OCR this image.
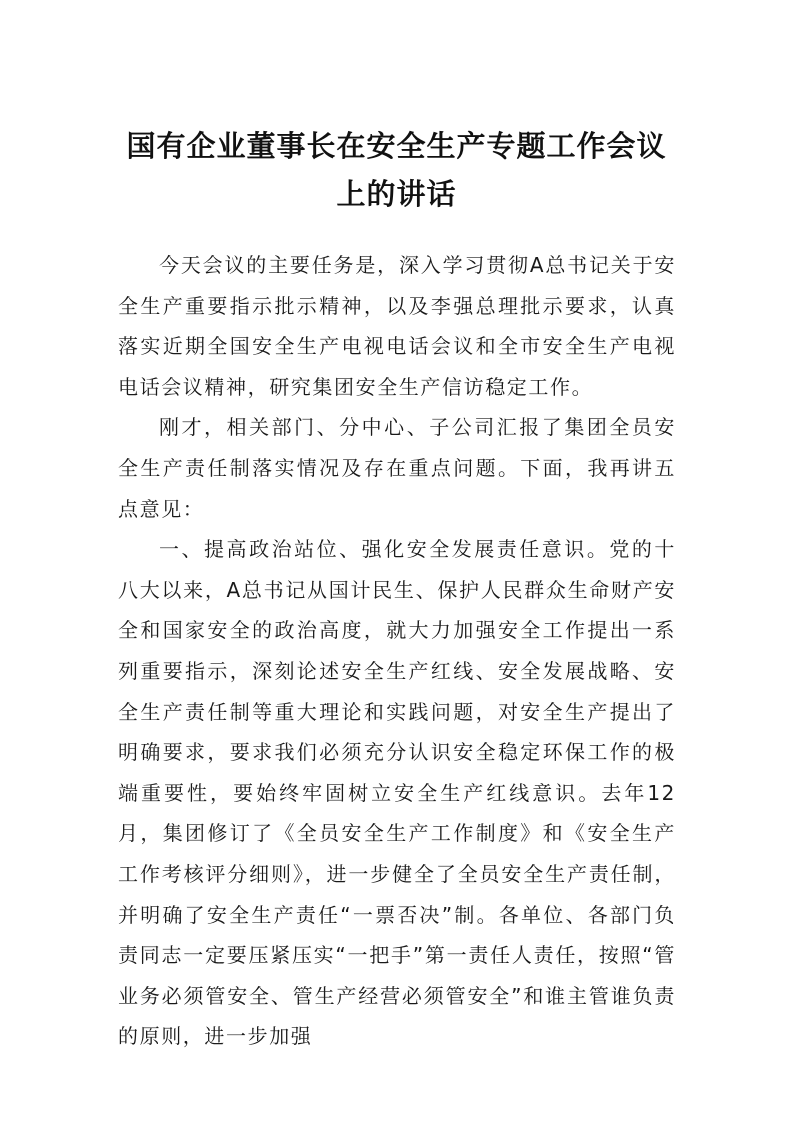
国有企业董事长在安全生产专题工作会议
上的讲话

今天会议的主要任务是，深入学习贯彻A总书记关于安全生产重要指示批示精神，以及李强总理批示要求，认真落实近期全国安全生产电视电话会议和全市安全生产电视电话会议精神，研究集团安全生产信访稳定工作。

刚才，相关部门、分中心、子公司汇报了集团全员安全生产责任制落实情况及存在重点问题。下面，我再讲五点意见：

一、提高政治站位、强化安全发展责任意识。党的十八大以来，A总书记从国计民生、保护人民群众生命财产安全和国家安全的政治高度，就大力加强安全工作提出一系列重要指示，深刻论述安全生产红线、安全发展战略、安全生产责任制等重大理论和实践问题，对安全生产提出了明确要求，要求我们必须充分认识安全稳定环保工作的极端重要性，要始终牢固树立安全生产红线意识。去年12月，集团修订了《全员安全生产工作制度》和《安全生产工作考核评分细则》，进一步健全了全员安全生产责任制，并明确了安全生产责任“一票否决”制。各单位、各部门负责同志一定要压紧压实“一把手”第一责任人责任，按照“管业务必须管安全、管生产经营必须管安全”和谁主管谁负责的原则，进一步加强
